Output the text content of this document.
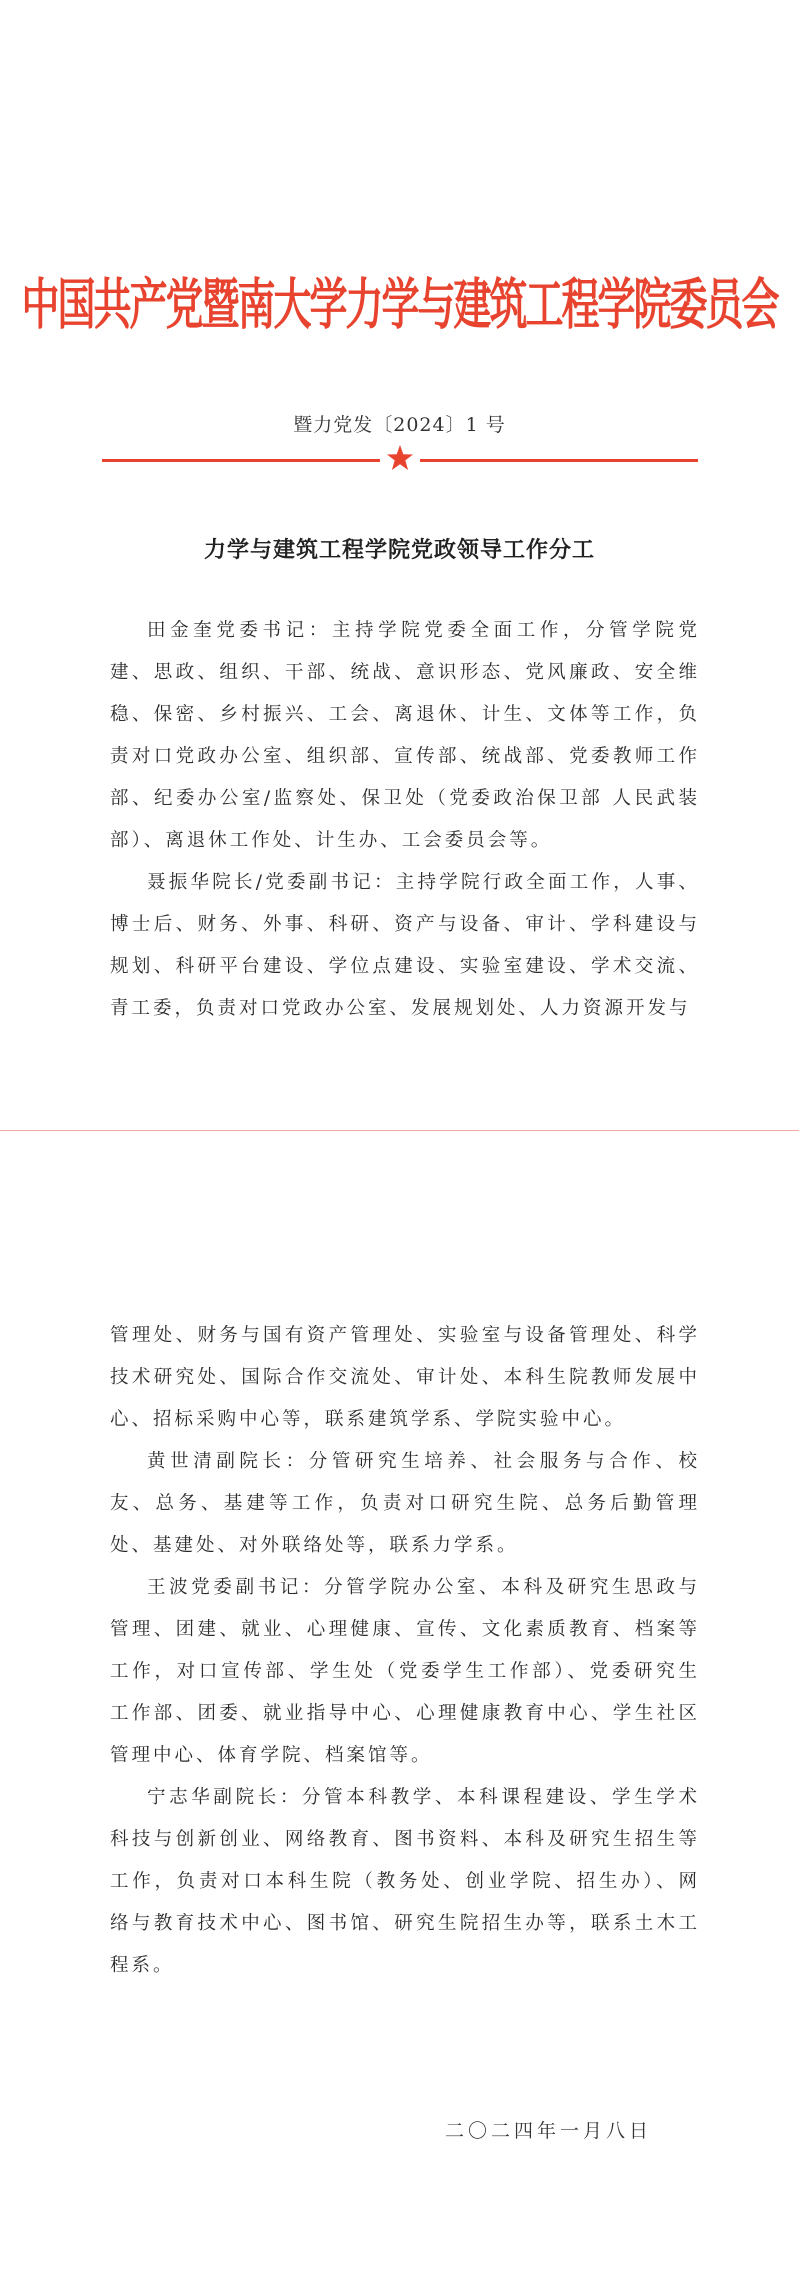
中国共产党暨南大学力学与建筑工程学院委员会
暨力党发〔2024〕1 号
力学与建筑工程学院党政领导工作分工

田金奎党委书记：主持学院党委全面工作，分管学院党建、思政、组织、干部、统战、意识形态、党风廉政、安全维稳、保密、乡村振兴、工会、离退休、计生、文体等工作，负责对口党政办公室、组织部、宣传部、统战部、党委教师工作部、纪委办公室/监察处、保卫处（党委政治保卫部 人民武装部）、离退休工作处、计生办、工会委员会等。

聂振华院长/党委副书记：主持学院行政全面工作，人事、博士后、财务、外事、科研、资产与设备、审计、学科建设与规划、科研平台建设、学位点建设、实验室建设、学术交流、青工委，负责对口党政办公室、发展规划处、人力资源开发与

管理处、财务与国有资产管理处、实验室与设备管理处、科学技术研究处、国际合作交流处、审计处、本科生院教师发展中心、招标采购中心等，联系建筑学系、学院实验中心。

黄世清副院长：分管研究生培养、社会服务与合作、校友、总务、基建等工作，负责对口研究生院、总务后勤管理处、基建处、对外联络处等，联系力学系。

王波党委副书记：分管学院办公室、本科及研究生思政与管理、团建、就业、心理健康、宣传、文化素质教育、档案等工作，对口宣传部、学生处（党委学生工作部）、党委研究生工作部、团委、就业指导中心、心理健康教育中心、学生社区管理中心、体育学院、档案馆等。

宁志华副院长：分管本科教学、本科课程建设、学生学术科技与创新创业、网络教育、图书资料、本科及研究生招生等工作，负责对口本科生院（教务处、创业学院、招生办）、网络与教育技术中心、图书馆、研究生院招生办等，联系土木工程系。

二〇二四年一月八日
